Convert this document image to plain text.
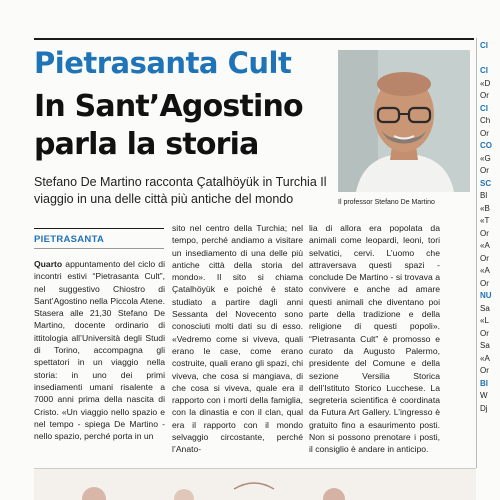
Pietrasanta Cult
In Sant’Agostino parla la storia
Stefano De Martino racconta Çatalhöyük in Turchia Il viaggio in una delle città più antiche del mondo	Il professor Stefano De Martino
PIETRASANTA

Quarto appuntamento del ciclo di incontri estivi “Pietrasanta Cult”, nel suggestivo Chiostro di Sant’Agostino nella Piccola Atene. Stasera alle 21,30 Stefano De Martino, docente ordinario di ittitologia all’Università degli Studi di Torino, accompagna gli spettatori in un viaggio nella storia: in uno dei primi insediamenti umani risalente a 7000 anni prima della nascita di Cristo. «Un viaggio nello spazio e nel tempo - spiega De Martino - nello spazio, perché porta in un

sito nel centro della Turchia; nel tempo, perché andiamo a visitare un insediamento di una delle più antiche città della storia del mondo». Il sito si chiama Çatalhöyük e poiché è stato studiato a partire dagli anni Sessanta del Novecento sono conosciuti molti dati su di esso. «Vedremo come si viveva, quali erano le case, come erano costruite, quali erano gli spazi, chi viveva, che cosa si mangiava, di che cosa si viveva, quale era il rapporto con i morti della famiglia, con la dinastia e con il clan, qual era il rapporto con il mondo selvaggio circostante, perché l’Anato-

lia di allora era popolata da animali come leopardi, leoni, tori selvatici, cervi. L’uomo che attraversava questi spazi - conclude De Martino - si trovava a convivere e anche ad amare questi animali che diventano poi parte della tradizione e della religione di questi popoli». “Pietrasanta Cult” è promosso e curato da Augusto Palermo, presidente del Comune e della sezione Versilia Storica dell’Istituto Storico Lucchese. La segreteria scientifica è coordinata da Futura Art Gallery. L’ingresso è gratuito fino a esaurimento posti. Non si possono prenotare i posti, il consiglio è andare in anticipo.

CI
CI
«D
Or
CI
Ch
Or
CO
«G
Or
SC
Bl
«B
«T
Or
«A
Or
«A
Or
NU
Sa
«L
Or
Sa
«A
Or
BI
W
Dj
